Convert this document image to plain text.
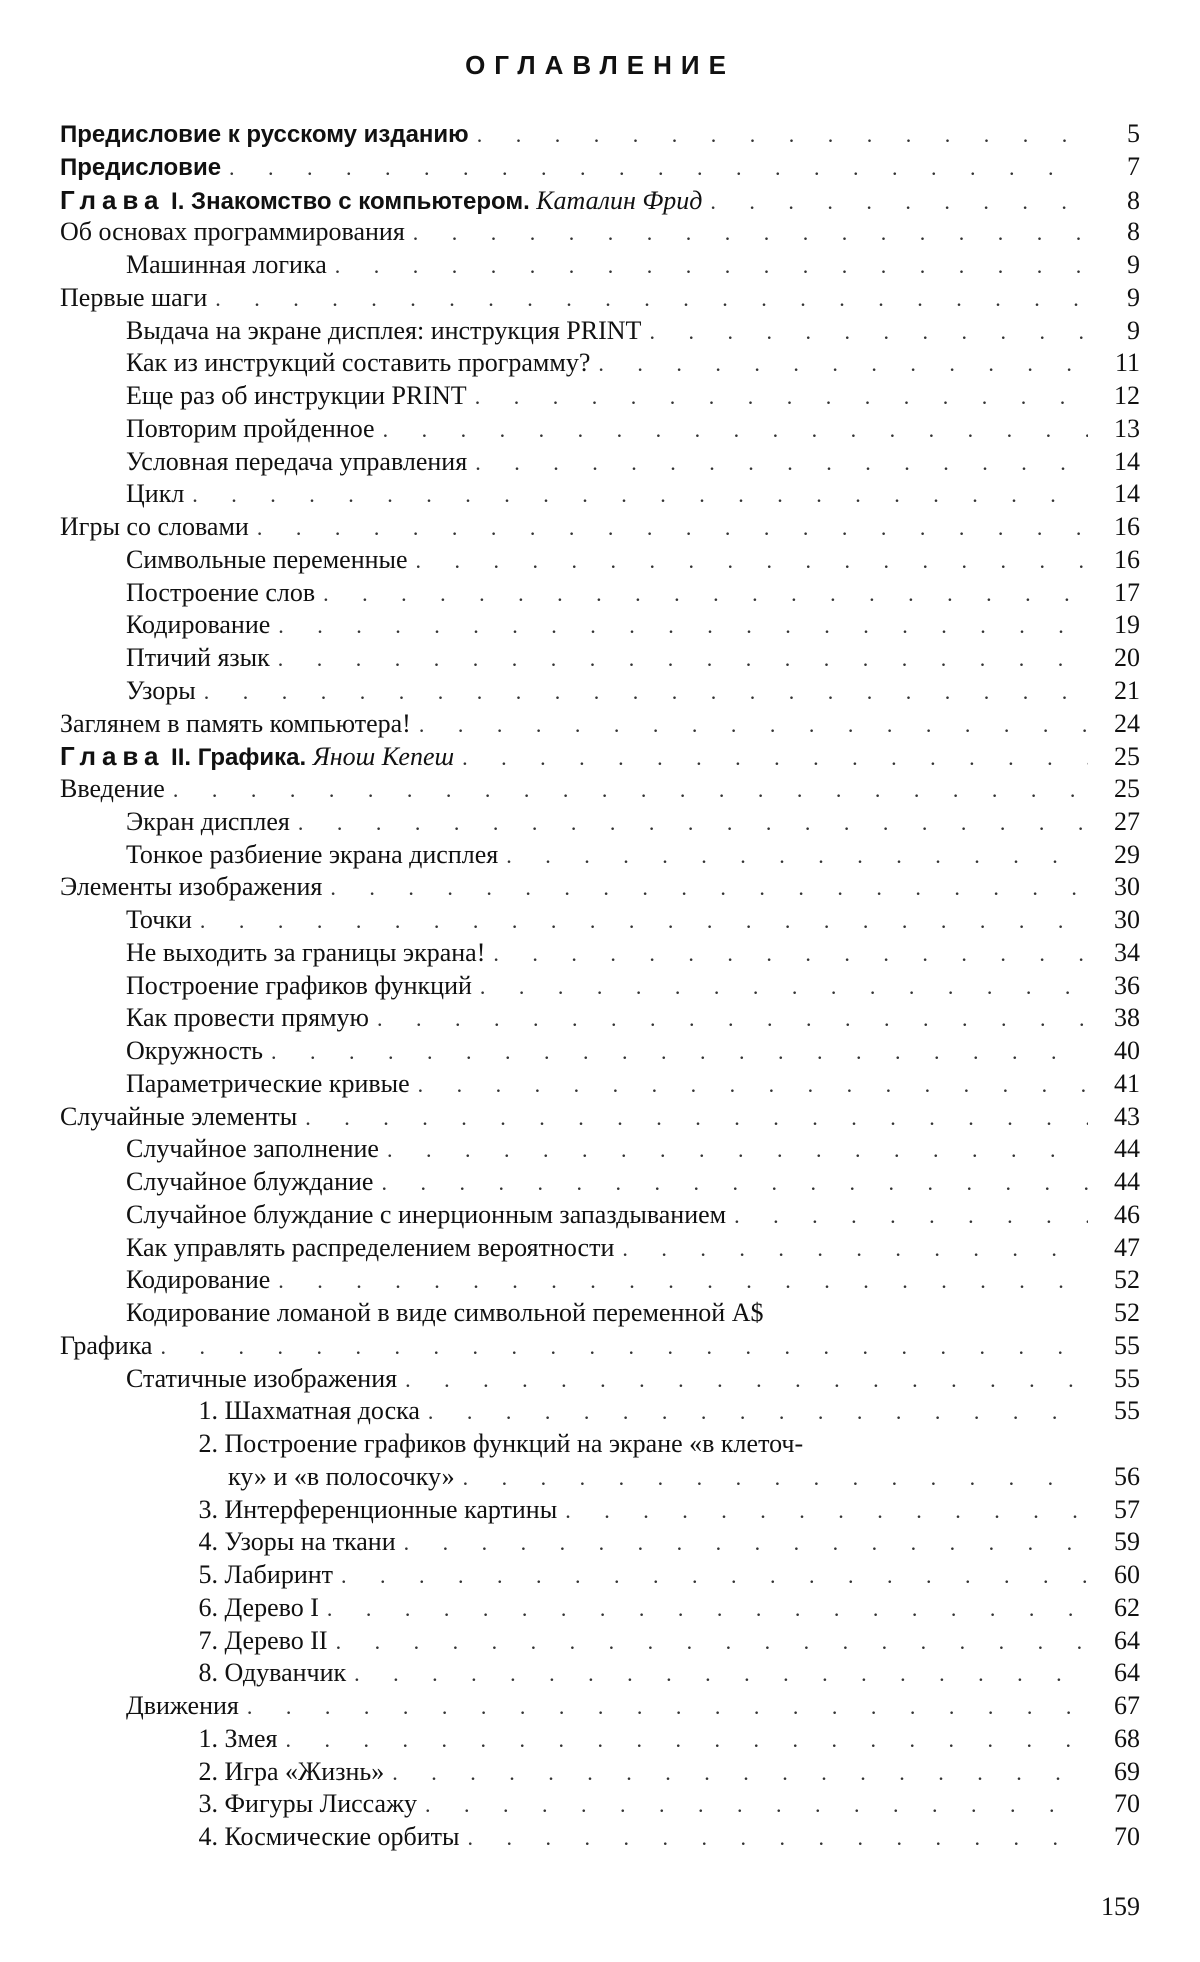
ОГЛАВЛЕНИЕ
Предисловие к русскому изданию . . .	5
Предисловие . . .	7
Глава I. Знакомство с компьютером. Каталин Фрид . . .	8
Об основах программирования . . .	8
Машинная логика . . .	9
Первые шаги . . .	9
Выдача на экране дисплея: инструкция PRINT . . .	9
Как из инструкций составить программу? . . .	11
Еще раз об инструкции PRINT . . .	12
Повторим пройденное . . .	13
Условная передача управления . . .	14
Цикл . . .	14
Игры со словами . . .	16
Символьные переменные . . .	16
Построение слов . . .	17
Кодирование . . .	19
Птичий язык . . .	20
Узоры . . .	21
Заглянем в память компьютера! . . .	24
Глава II. Графика. Янош Кепеш . . .	25
Введение . . .	25
Экран дисплея . . .	27
Тонкое разбиение экрана дисплея . . .	29
Элементы изображения . . .	30
Точки . . .	30
Не выходить за границы экрана! . . .	34
Построение графиков функций . . .	36
Как провести прямую . . .	38
Окружность . . .	40
Параметрические кривые . . .	41
Случайные элементы . . .	43
Случайное заполнение . . .	44
Случайное блуждание . . .	44
Случайное блуждание с инерционным запаздыванием . . .	46
Как управлять распределением вероятности . . .	47
Кодирование . . .	52
Кодирование ломаной в виде символьной переменной A$	52
Графика . . .	55
Статичные изображения . . .	55
1. Шахматная доска . . .	55
2. Построение графиков функций на экране «в клеточ-
ку» и «в полосочку» . . .	56
3. Интерференционные картины . . .	57
4. Узоры на ткани . . .	59
5. Лабиринт . . .	60
6. Дерево I . . .	62
7. Дерево II . . .	64
8. Одуванчик . . .	64
Движения . . .	67
1. Змея . . .	68
2. Игра «Жизнь» . . .	69
3. Фигуры Лиссажу . . .	70
4. Космические орбиты . . .	70
159
